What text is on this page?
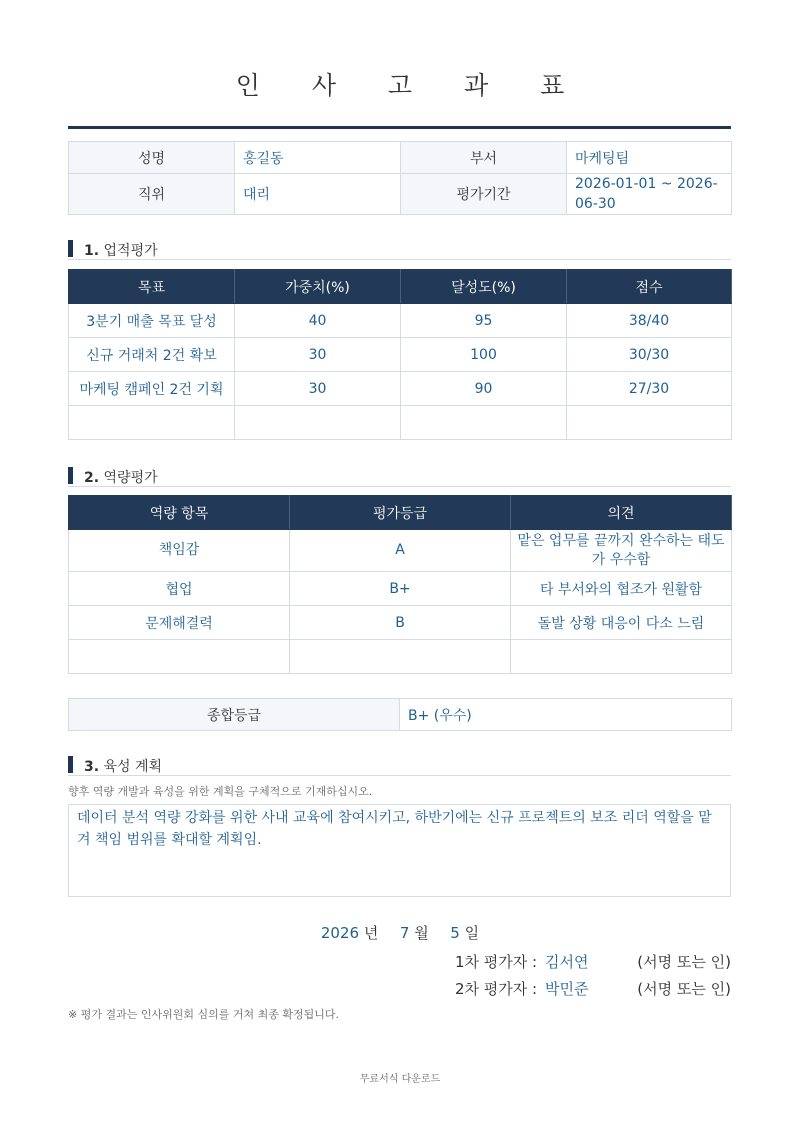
인 사 고 과 표
성명	홍길동	부서	마케팅팀
직위	대리	평가기간	2026-01-01 ~ 2026-06-30
1. 업적평가
목표	가중치(%)	달성도(%)	점수
3분기 매출 목표 달성	40	95	38/40
신규 거래처 2건 확보	30	100	30/30
마케팅 캠페인 2건 기획	30	90	27/30

2. 역량평가
역량 항목	평가등급	의견
책임감	A	맡은 업무를 끝까지 완수하는 태도가 우수함
협업	B+	타 부서와의 협조가 원활함
문제해결력	B	돌발 상황 대응이 다소 느림

종합등급	B+ (우수)
3. 육성 계획
향후 역량 개발과 육성을 위한 계획을 구체적으로 기재하십시오.
데이터 분석 역량 강화를 위한 사내 교육에 참여시키고, 하반기에는 신규 프로젝트의 보조 리더 역할을 맡겨 책임 범위를 확대할 계획임.
2026 년 7 월 5 일
1차 평가자 : 김서연	(서명 또는 인)
2차 평가자 : 박민준	(서명 또는 인)
※ 평가 결과는 인사위원회 심의를 거쳐 최종 확정됩니다.
무료서식 다운로드
